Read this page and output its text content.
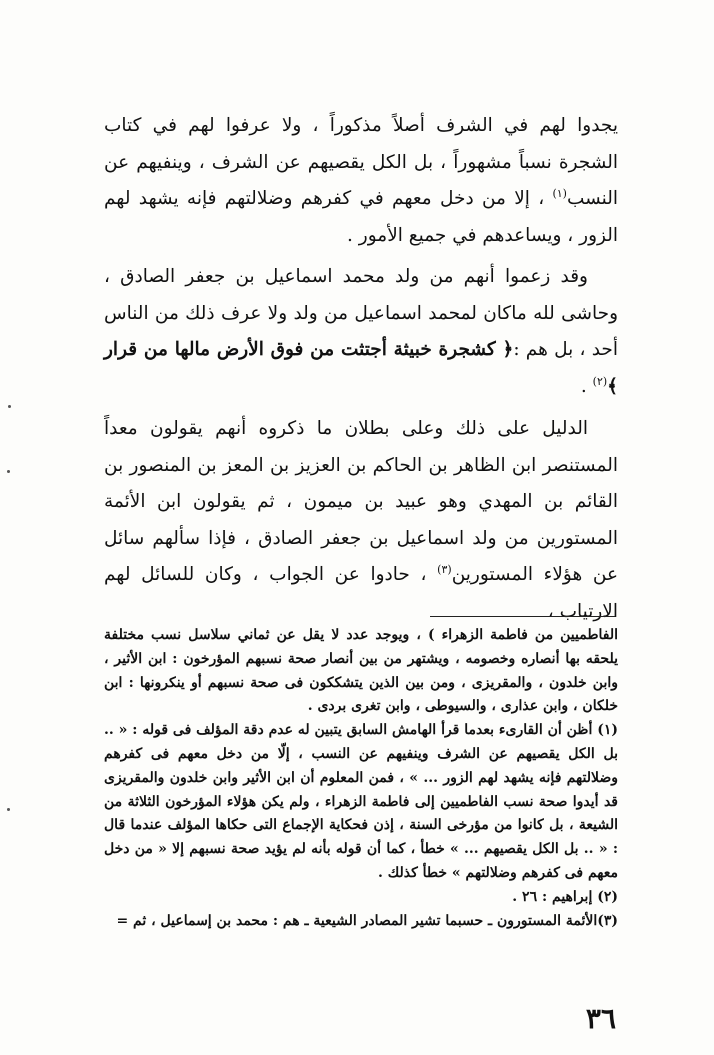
يجدوا لهم في الشرف أصلاً مذكوراً ، ولا عرفوا لهم في كتاب الشجرة نسباً مشهوراً ، بل الكل يقصيهم عن الشرف ، وينفيهم عن النسب$^{(١)}$ ، إلا من دخل معهم في كفرهم وضلالتهم فإنه يشهد لهم الزور ، ويساعدهم في جميع الأمور .

وقد زعموا أنهم من ولد محمد اسماعيل بن جعفر الصادق ، وحاشى لله ماكان لمحمد اسماعيل من ولد ولا عرف ذلك من الناس أحد ، بل هم :﴿ كشجرة خبيثة أجتثت من فوق الأرض مالها من قرار ﴾$^{(٢)}$ .

الدليل على ذلك وعلى بطلان ما ذكروه أنهم يقولون معداً المستنصر ابن الظاهر بن الحاكم بن العزيز بن المعز بن المنصور بن القائم بن المهدي وهو عبيد بن ميمون ، ثم يقولون ابن الأئمة المستورين من ولد اسماعيل بن جعفر الصادق ، فإذا سألهم سائل عن هؤلاء المستورين$^{(٣)}$ ، حادوا عن الجواب ، وكان للسائل لهم الارتياب ،

الفاطميين من فاطمة الزهراء ) ، ويوجد عدد لا يقل عن ثماني سلاسل نسب مختلفة يلحقه بها أنصاره وخصومه ، ويشتهر من بين أنصار صحة نسبهم المؤرخون : ابن الأثير ، وابن خلدون ، والمقريزى ، ومن بين الذين يتشككون فى صحة نسبهم أو ينكرونها : ابن خلكان ، وابن عذارى ، والسيوطى ، وابن تغرى بردى .

(١) أظن أن القارىء بعدما قرأ الهامش السابق يتبين له عدم دقة المؤلف فى قوله : « .. بل الكل يقصيهم عن الشرف وينفيهم عن النسب ، إلّا من دخل معهم فى كفرهم وضلالتهم فإنه يشهد لهم الزور ... » ، فمن المعلوم أن ابن الأثير وابن خلدون والمقريزى قد أيدوا صحة نسب الفاطميين إلى فاطمة الزهراء ، ولم يكن هؤلاء المؤرخون الثلاثة من الشيعة ، بل كانوا من مؤرخى السنة ، إذن فحكاية الإجماع التى حكاها المؤلف عندما قال : « .. بل الكل يقصيهم ... » خطأ ، كما أن قوله بأنه لم يؤيد صحة نسبهم إلا « من دخل معهم فى كفرهم وضلالتهم » خطأ كذلك .

(٢) إبراهيم : ٢٦ .

(٣)الأئمة المستورون ـ حسبما تشير المصادر الشيعية ـ هم : محمد بن إسماعيل ، ثم =

٣٦
